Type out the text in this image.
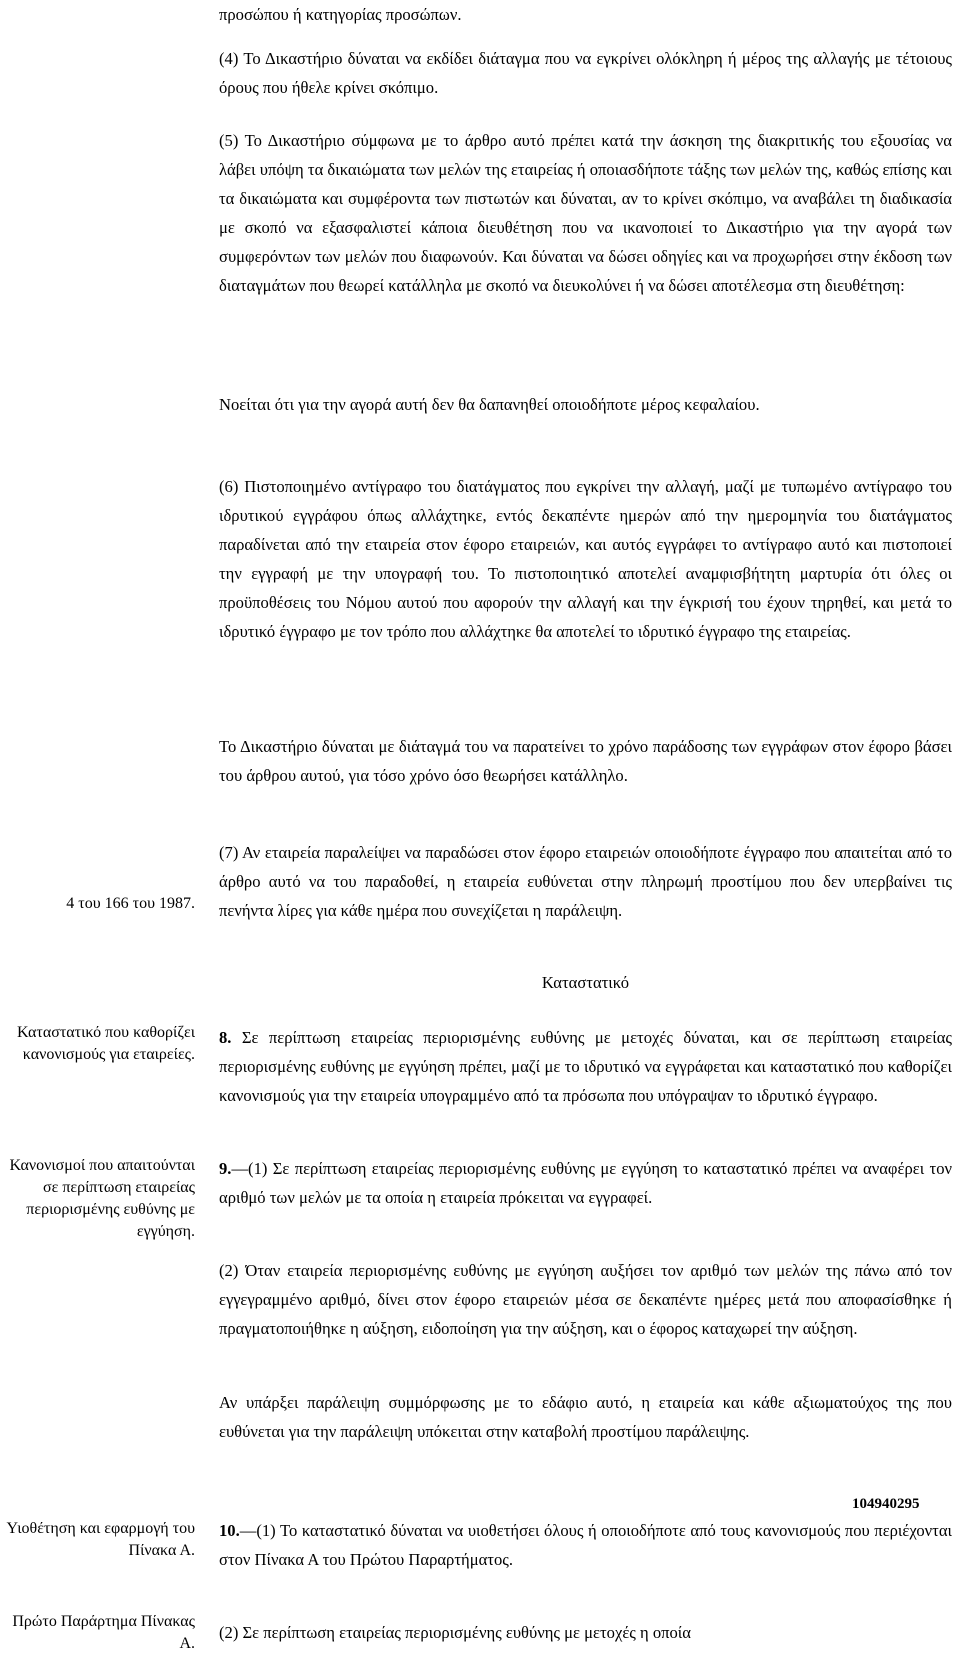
προσώπου ή κατηγορίας προσώπων.

(4) Το Δικαστήριο δύναται να εκδίδει διάταγμα που να εγκρίνει ολόκληρη ή μέρος της αλλαγής με τέτοιους όρους που ήθελε κρίνει σκόπιμο.

(5) Το Δικαστήριο σύμφωνα με το άρθρο αυτό πρέπει κατά την άσκηση της διακριτικής του εξουσίας να λάβει υπόψη τα δικαιώματα των μελών της εταιρείας ή οποιασδήποτε τάξης των μελών της, καθώς επίσης και τα δικαιώματα και συμφέροντα των πιστωτών και δύναται, αν το κρίνει σκόπιμο, να αναβάλει τη διαδικασία με σκοπό να εξασφαλιστεί κάποια διευθέτηση που να ικανοποιεί το Δικαστήριο για την αγορά των συμφερόντων των μελών που διαφωνούν. Και δύναται να δώσει οδηγίες και να προχωρήσει στην έκδοση των διαταγμάτων που θεωρεί κατάλληλα με σκοπό να διευκολύνει ή να δώσει αποτέλεσμα στη διευθέτηση:

Νοείται ότι για την αγορά αυτή δεν θα δαπανηθεί οποιοδήποτε μέρος κεφαλαίου.

(6) Πιστοποιημένο αντίγραφο του διατάγματος που εγκρίνει την αλλαγή, μαζί με τυπωμένο αντίγραφο του ιδρυτικού εγγράφου όπως αλλάχτηκε, εντός δεκαπέντε ημερών από την ημερομηνία του διατάγματος παραδίνεται από την εταιρεία στον έφορο εταιρειών, και αυτός εγγράφει το αντίγραφο αυτό και πιστοποιεί την εγγραφή με την υπογραφή του. Το πιστοποιητικό αποτελεί αναμφισβήτητη μαρτυρία ότι όλες οι προϋποθέσεις του Νόμου αυτού που αφορούν την αλλαγή και την έγκρισή του έχουν τηρηθεί, και μετά το ιδρυτικό έγγραφο με τον τρόπο που αλλάχτηκε θα αποτελεί το ιδρυτικό έγγραφο της εταιρείας.

Το Δικαστήριο δύναται με διάταγμά του να παρατείνει το χρόνο παράδοσης των εγγράφων στον έφορο βάσει του άρθρου αυτού, για τόσο χρόνο όσο θεωρήσει κατάλληλο.

(7) Αν εταιρεία παραλείψει να παραδώσει στον έφορο εταιρειών οποιοδήποτε έγγραφο που απαιτείται από το άρθρο αυτό να του παραδοθεί, η εταιρεία ευθύνεται στην πληρωμή προστίμου που δεν υπερβαίνει τις πενήντα λίρες για κάθε ημέρα που συνεχίζεται η παράλειψη.

Καταστατικό

8. Σε περίπτωση εταιρείας περιορισμένης ευθύνης με μετοχές δύναται, και σε περίπτωση εταιρείας περιορισμένης ευθύνης με εγγύηση πρέπει, μαζί με το ιδρυτικό να εγγράφεται και καταστατικό που καθορίζει κανονισμούς για την εταιρεία υπογραμμένο από τα πρόσωπα που υπόγραψαν το ιδρυτικό έγγραφο.

9.—(1) Σε περίπτωση εταιρείας περιορισμένης ευθύνης με εγγύηση το καταστατικό πρέπει να αναφέρει τον αριθμό των μελών με τα οποία η εταιρεία πρόκειται να εγγραφεί.

(2) Όταν εταιρεία περιορισμένης ευθύνης με εγγύηση αυξήσει τον αριθμό των μελών της πάνω από τον εγγεγραμμένο αριθμό, δίνει στον έφορο εταιρειών μέσα σε δεκαπέντε ημέρες μετά που αποφασίσθηκε ή πραγματοποιήθηκε η αύξηση, ειδοποίηση για την αύξηση, και ο έφορος καταχωρεί την αύξηση.

Αν υπάρξει παράλειψη συμμόρφωσης με το εδάφιο αυτό, η εταιρεία και κάθε αξιωματούχος της που ευθύνεται για την παράλειψη υπόκειται στην καταβολή προστίμου παράλειψης.

104940295

10.—(1) Το καταστατικό δύναται να υιοθετήσει όλους ή οποιοδήποτε από τους κανονισμούς που περιέχονται στον Πίνακα Α του Πρώτου Παραρτήματος.

(2) Σε περίπτωση εταιρείας περιορισμένης ευθύνης με μετοχές η οποία

4 του 166 του 1987.
Καταστατικό που καθορίζει κανονισμούς για εταιρείες.
Κανονισμοί που απαιτούνται σε περίπτωση εταιρείας περιορισμένης ευθύνης με εγγύηση.
Υιοθέτηση και εφαρμογή του Πίνακα Α.
Πρώτο Παράρτημα Πίνακας Α.
